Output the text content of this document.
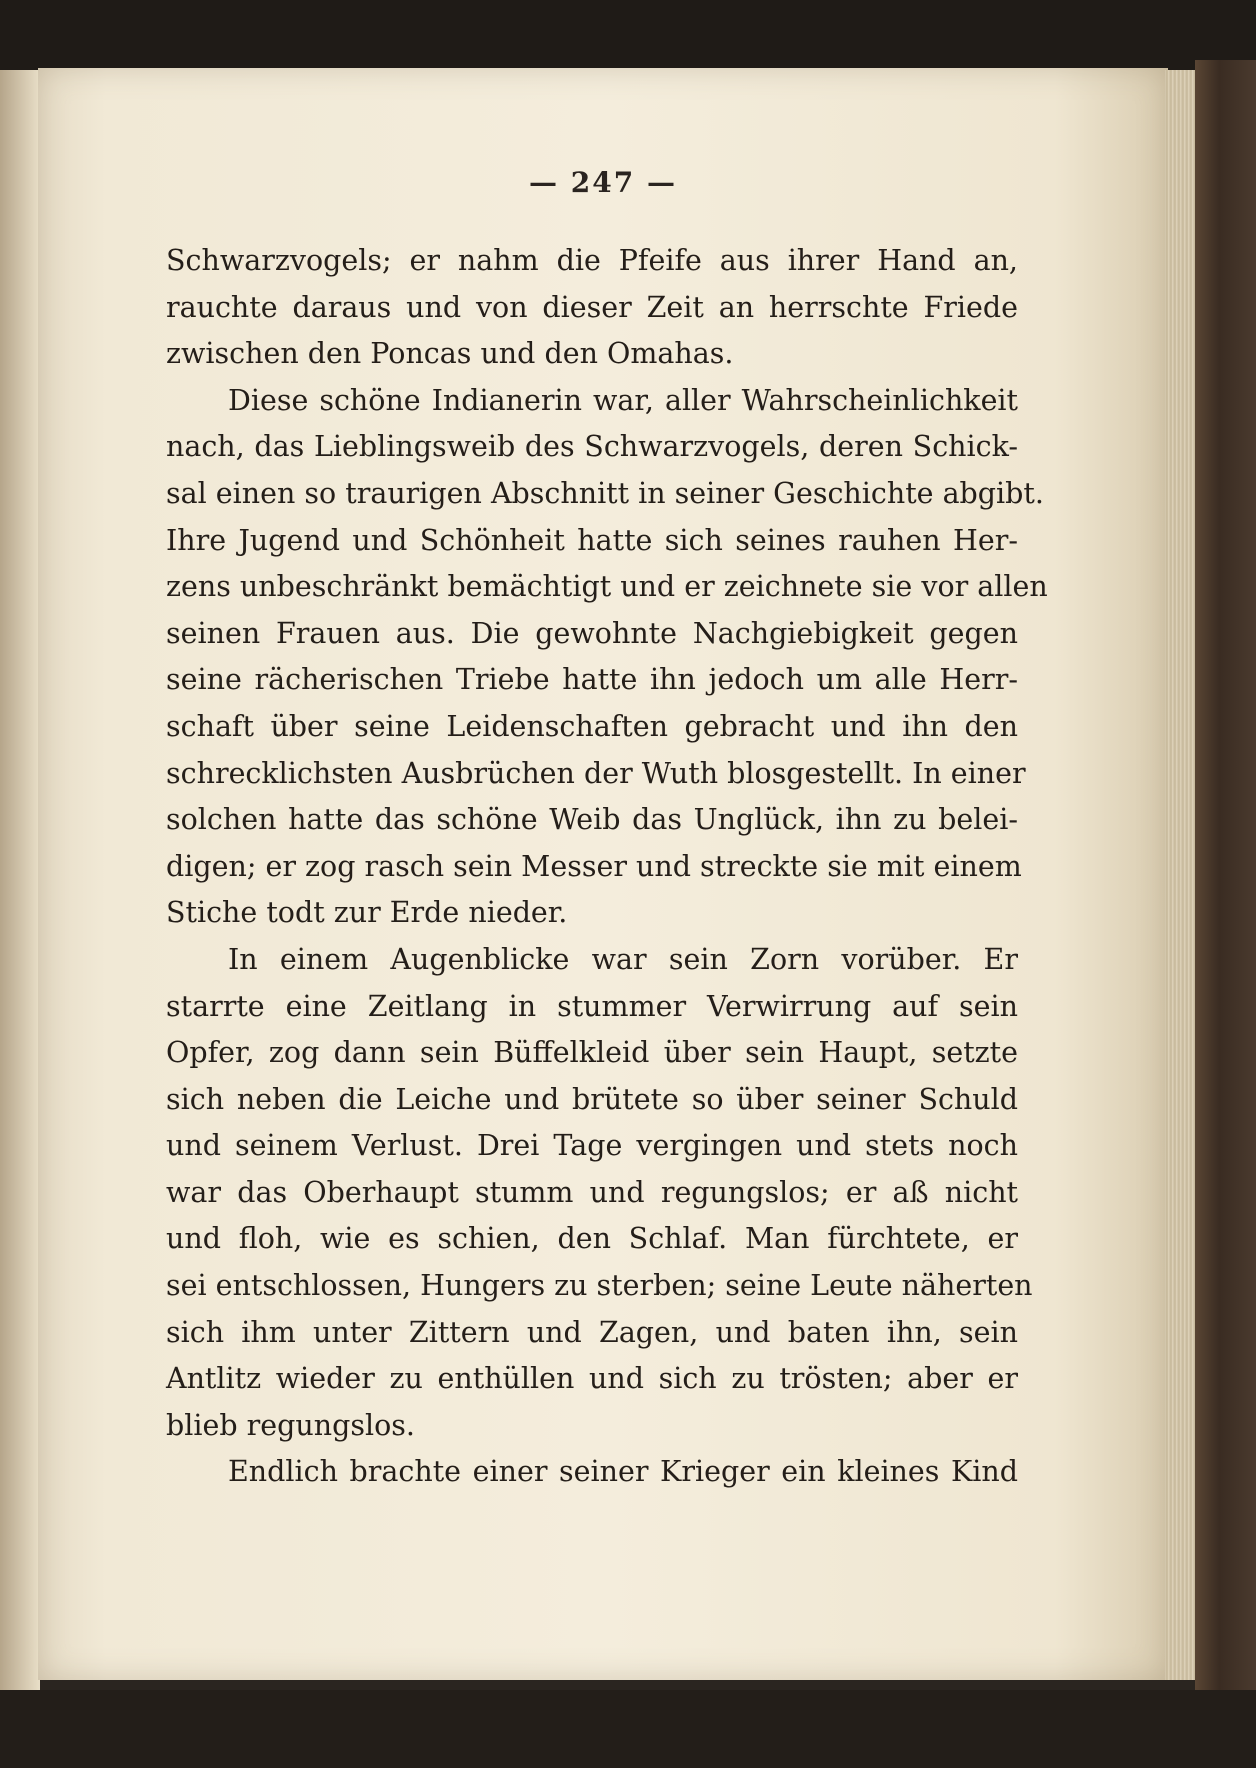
— 247 —
Schwarzvogels; er nahm die Pfeife aus ihrer Hand an,
rauchte daraus und von dieser Zeit an herrschte Friede
zwischen den Poncas und den Omahas.
Diese schöne Indianerin war, aller Wahrscheinlichkeit
nach, das Lieblingsweib des Schwarzvogels, deren Schick-
sal einen so traurigen Abschnitt in seiner Geschichte abgibt.
Ihre Jugend und Schönheit hatte sich seines rauhen Her-
zens unbeschränkt bemächtigt und er zeichnete sie vor allen
seinen Frauen aus. Die gewohnte Nachgiebigkeit gegen
seine rächerischen Triebe hatte ihn jedoch um alle Herr-
schaft über seine Leidenschaften gebracht und ihn den
schrecklichsten Ausbrüchen der Wuth blosgestellt. In einer
solchen hatte das schöne Weib das Unglück, ihn zu belei-
digen; er zog rasch sein Messer und streckte sie mit einem
Stiche todt zur Erde nieder.
In einem Augenblicke war sein Zorn vorüber. Er
starrte eine Zeitlang in stummer Verwirrung auf sein
Opfer, zog dann sein Büffelkleid über sein Haupt, setzte
sich neben die Leiche und brütete so über seiner Schuld
und seinem Verlust. Drei Tage vergingen und stets noch
war das Oberhaupt stumm und regungslos; er aß nicht
und floh, wie es schien, den Schlaf. Man fürchtete, er
sei entschlossen, Hungers zu sterben; seine Leute näherten
sich ihm unter Zittern und Zagen, und baten ihn, sein
Antlitz wieder zu enthüllen und sich zu trösten; aber er
blieb regungslos.
Endlich brachte einer seiner Krieger ein kleines Kind
